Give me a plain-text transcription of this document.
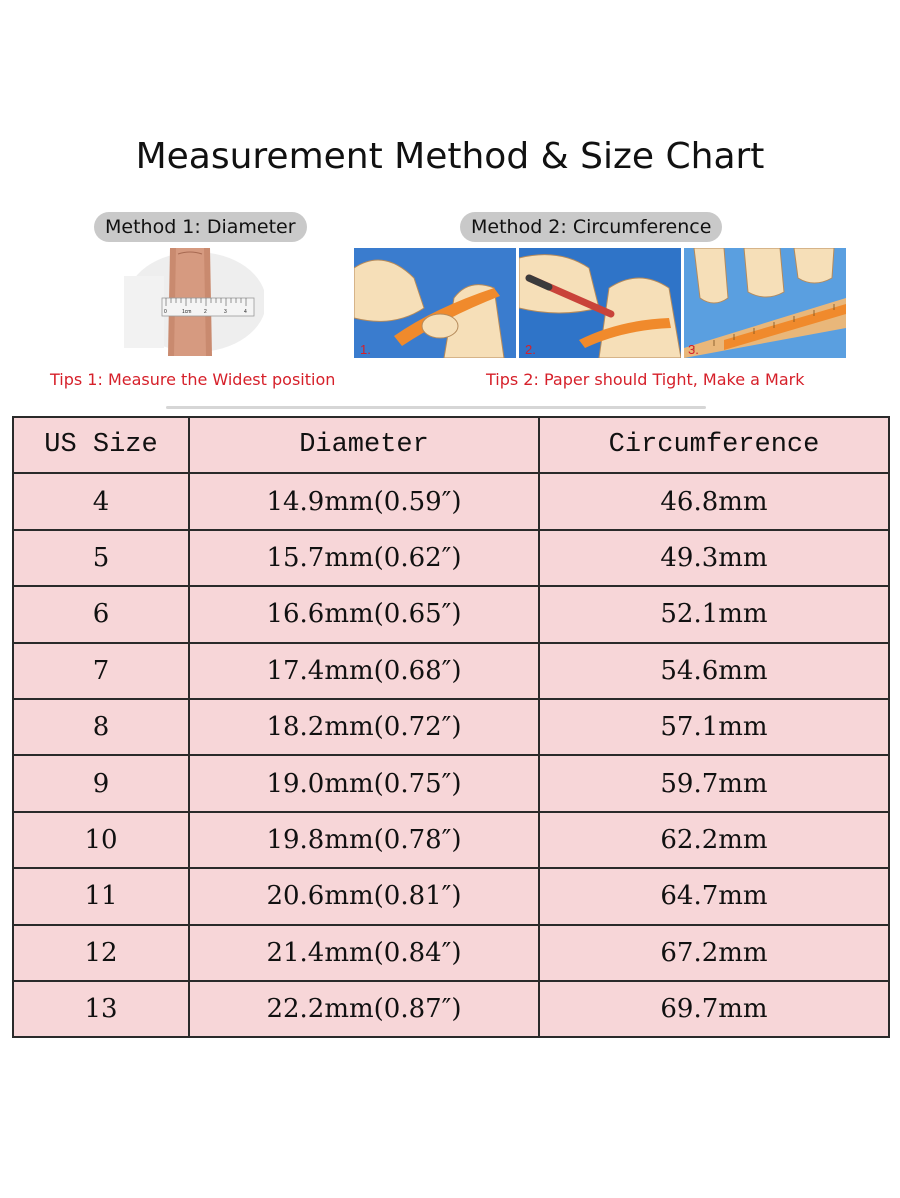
Measurement Method & Size Chart
Method 1: Diameter	Method 2: Circumference
0	1cm	2	3	4
1.	2.	3.
Tips 1: Measure the Widest position	Tips 2: Paper should Tight, Make a Mark
US Size	Diameter	Circumference
4	14.9mm(0.59″)	46.8mm
5	15.7mm(0.62″)	49.3mm
6	16.6mm(0.65″)	52.1mm
7	17.4mm(0.68″)	54.6mm
8	18.2mm(0.72″)	57.1mm
9	19.0mm(0.75″)	59.7mm
10	19.8mm(0.78″)	62.2mm
11	20.6mm(0.81″)	64.7mm
12	21.4mm(0.84″)	67.2mm
13	22.2mm(0.87″)	69.7mm
